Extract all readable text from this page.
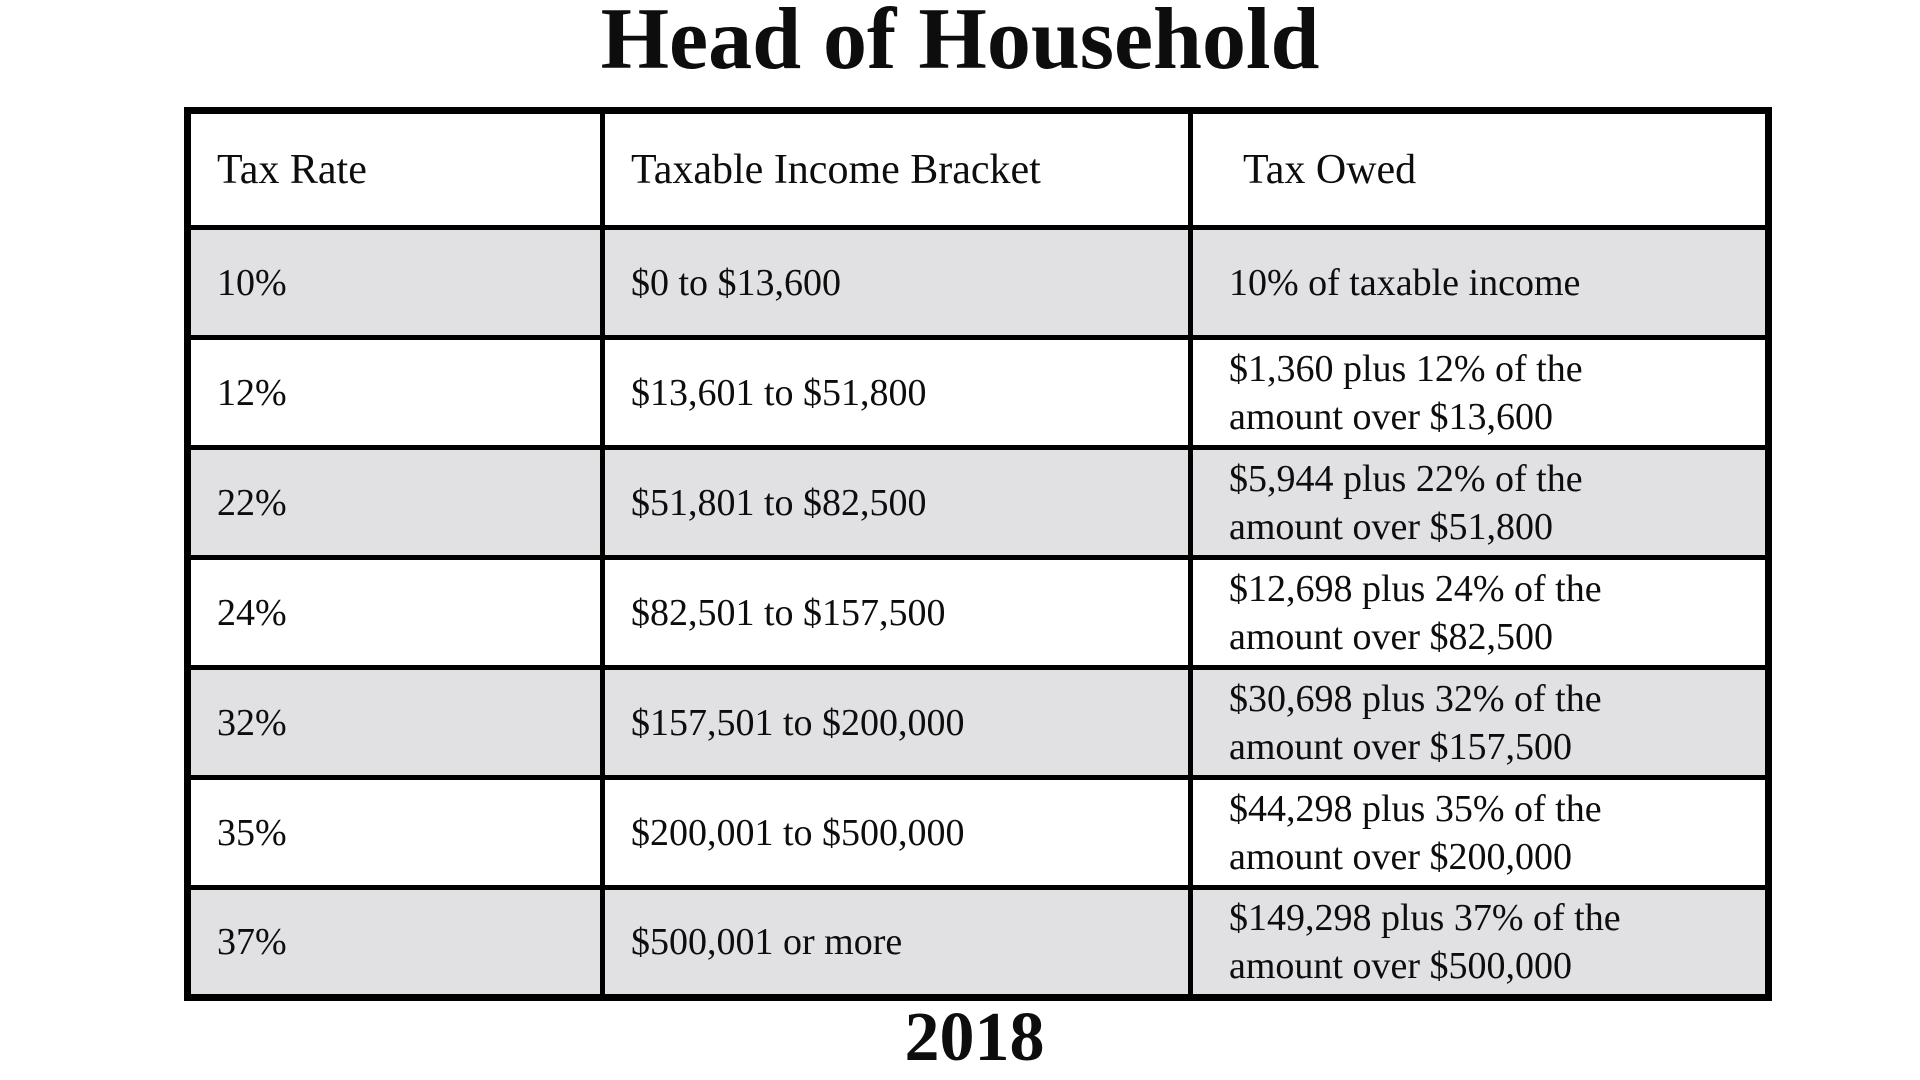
Head of Household
Tax Rate	Taxable Income Bracket	Tax Owed
10%	$0 to $13,600	10% of taxable income

12%	$13,601 to $51,800	$1,360 plus 12% of the
amount over $13,600

22%	$51,801 to $82,500	$5,944 plus 22% of the
amount over $51,800

24%	$82,501 to $157,500	$12,698 plus 24% of the
amount over $82,500

32%	$157,501 to $200,000	$30,698 plus 32% of the
amount over $157,500

35%	$200,001 to $500,000	$44,298 plus 35% of the
amount over $200,000

37%	$500,001 or more	$149,298 plus 37% of the
amount over $500,000
2018
